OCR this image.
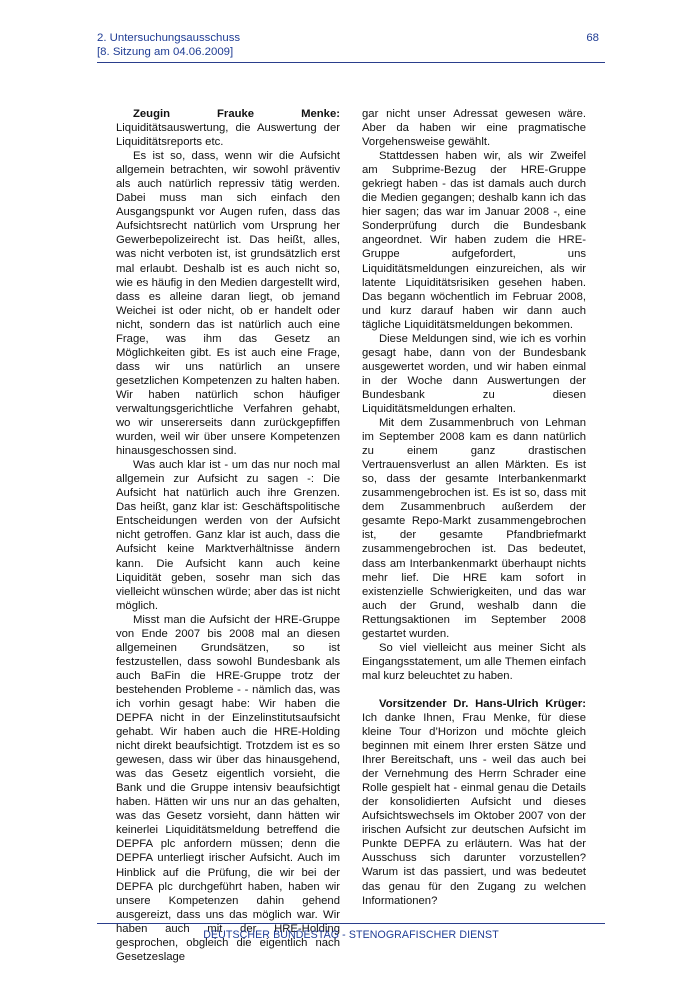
2. Untersuchungsausschuss
[8. Sitzung am 04.06.2009]
68

Zeugin Frauke Menke: Liquiditätsauswertung, die Auswertung der Liquiditätsreports etc.

Es ist so, dass, wenn wir die Aufsicht allgemein betrachten, wir sowohl präventiv als auch natürlich repressiv tätig werden. Dabei muss man sich einfach den Ausgangspunkt vor Augen rufen, dass das Aufsichtsrecht natürlich vom Ursprung her Gewerbepolizeirecht ist. Das heißt, alles, was nicht verboten ist, ist grundsätzlich erst mal erlaubt. Deshalb ist es auch nicht so, wie es häufig in den Medien dargestellt wird, dass es alleine daran liegt, ob jemand Weichei ist oder nicht, ob er handelt oder nicht, sondern das ist natürlich auch eine Frage, was ihm das Gesetz an Möglichkeiten gibt. Es ist auch eine Frage, dass wir uns natürlich an unsere gesetzlichen Kompetenzen zu halten haben. Wir haben natürlich schon häufiger verwaltungsgerichtliche Verfahren gehabt, wo wir unsererseits dann zurückgepfiffen wurden, weil wir über unsere Kompetenzen hinausgeschossen sind.

Was auch klar ist - um das nur noch mal allgemein zur Aufsicht zu sagen -: Die Aufsicht hat natürlich auch ihre Grenzen. Das heißt, ganz klar ist: Geschäftspolitische Entscheidungen werden von der Aufsicht nicht getroffen. Ganz klar ist auch, dass die Aufsicht keine Marktverhältnisse ändern kann. Die Aufsicht kann auch keine Liquidität geben, sosehr man sich das vielleicht wünschen würde; aber das ist nicht möglich.

Misst man die Aufsicht der HRE-Gruppe von Ende 2007 bis 2008 mal an diesen allgemeinen Grundsätzen, so ist festzustellen, dass sowohl Bundesbank als auch BaFin die HRE-Gruppe trotz der bestehenden Probleme - - nämlich das, was ich vorhin gesagt habe: Wir haben die DEPFA nicht in der Einzelinstitutsaufsicht gehabt. Wir haben auch die HRE-Holding nicht direkt beaufsichtigt. Trotzdem ist es so gewesen, dass wir über das hinausgehend, was das Gesetz eigentlich vorsieht, die Bank und die Gruppe intensiv beaufsichtigt haben. Hätten wir uns nur an das gehalten, was das Gesetz vorsieht, dann hätten wir keinerlei Liquiditätsmeldung betreffend die DEPFA plc anfordern müssen; denn die DEPFA unterliegt irischer Aufsicht. Auch im Hinblick auf die Prüfung, die wir bei der DEPFA plc durchgeführt haben, haben wir unsere Kompetenzen dahin gehend ausgereizt, dass uns das möglich war. Wir haben auch mit der HRE-Holding gesprochen, obgleich die eigentlich nach Gesetzeslage

gar nicht unser Adressat gewesen wäre. Aber da haben wir eine pragmatische Vorgehensweise gewählt.

Stattdessen haben wir, als wir Zweifel am Subprime-Bezug der HRE-Gruppe gekriegt haben - das ist damals auch durch die Medien gegangen; deshalb kann ich das hier sagen; das war im Januar 2008 -, eine Sonderprüfung durch die Bundesbank angeordnet. Wir haben zudem die HRE-Gruppe aufgefordert, uns Liquiditätsmeldungen einzureichen, als wir latente Liquiditätsrisiken gesehen haben. Das begann wöchentlich im Februar 2008, und kurz darauf haben wir dann auch tägliche Liquiditätsmeldungen bekommen.

Diese Meldungen sind, wie ich es vorhin gesagt habe, dann von der Bundesbank ausgewertet worden, und wir haben einmal in der Woche dann Auswertungen der Bundesbank zu diesen Liquiditätsmeldungen erhalten.

Mit dem Zusammenbruch von Lehman im September 2008 kam es dann natürlich zu einem ganz drastischen Vertrauensverlust an allen Märkten. Es ist so, dass der gesamte Interbankenmarkt zusammengebrochen ist. Es ist so, dass mit dem Zusammenbruch außerdem der gesamte Repo-Markt zusammengebrochen ist, der gesamte Pfandbriefmarkt zusammengebrochen ist. Das bedeutet, dass am Interbankenmarkt überhaupt nichts mehr lief. Die HRE kam sofort in existenzielle Schwierigkeiten, und das war auch der Grund, weshalb dann die Rettungsaktionen im September 2008 gestartet wurden.

So viel vielleicht aus meiner Sicht als Eingangsstatement, um alle Themen einfach mal kurz beleuchtet zu haben.

Vorsitzender Dr. Hans-Ulrich Krüger: Ich danke Ihnen, Frau Menke, für diese kleine Tour d’Horizon und möchte gleich beginnen mit einem Ihrer ersten Sätze und Ihrer Bereitschaft, uns - weil das auch bei der Vernehmung des Herrn Schrader eine Rolle gespielt hat - einmal genau die Details der konsolidierten Aufsicht und dieses Aufsichtswechsels im Oktober 2007 von der irischen Aufsicht zur deutschen Aufsicht im Punkte DEPFA zu erläutern. Was hat der Ausschuss sich darunter vorzustellen? Warum ist das passiert, und was bedeutet das genau für den Zugang zu welchen Informationen?

DEUTSCHER BUNDESTAG - STENOGRAFISCHER DIENST
